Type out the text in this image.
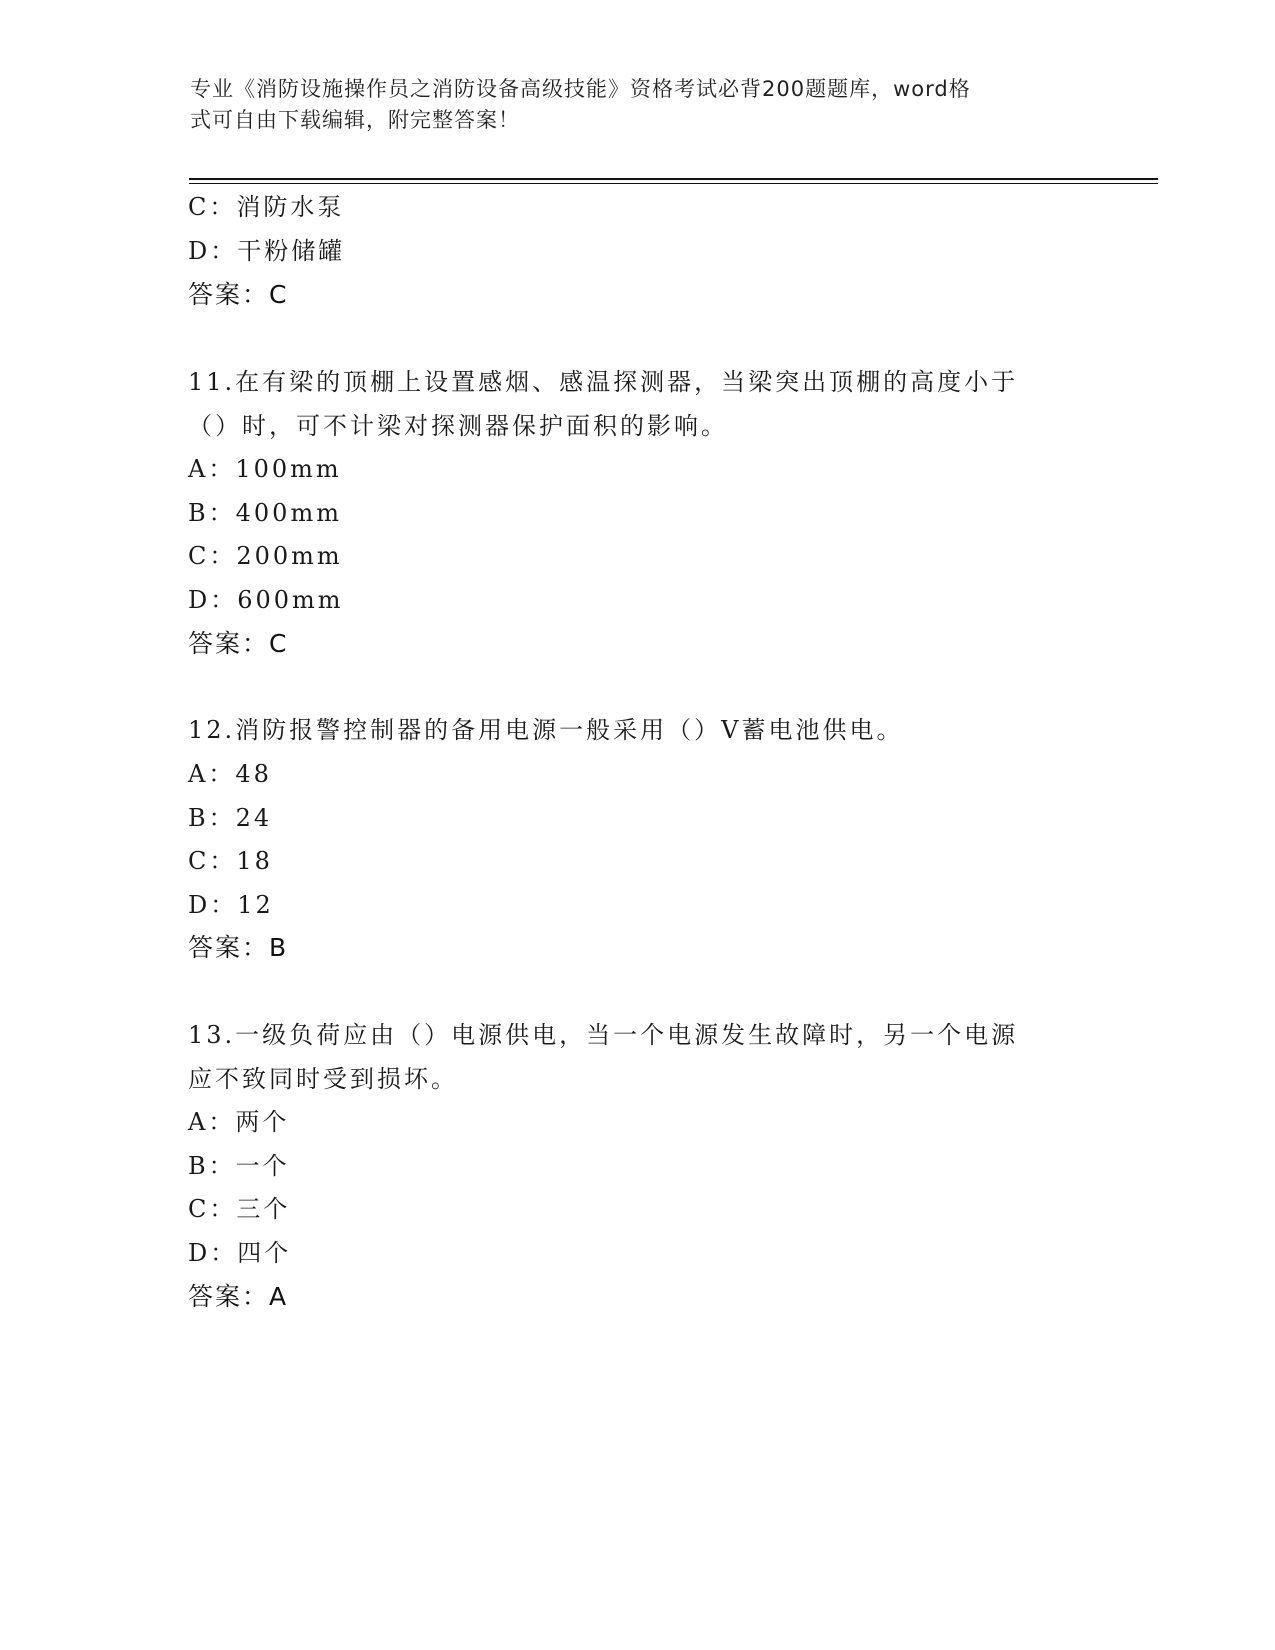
专业《消防设施操作员之消防设备高级技能》资格考试必背200题题库，word格
式可自由下载编辑，附完整答案！
C：消防水泵
D：干粉储罐
答案：C
11.在有梁的顶棚上设置感烟、感温探测器，当梁突出顶棚的高度小于
（）时，可不计梁对探测器保护面积的影响。
A：100mm
B：400mm
C：200mm
D：600mm
答案：C
12.消防报警控制器的备用电源一般采用（）V蓄电池供电。
A：48
B：24
C：18
D：12
答案：B
13.一级负荷应由（）电源供电，当一个电源发生故障时，另一个电源
应不致同时受到损坏。
A：两个
B：一个
C：三个
D：四个
答案：A
